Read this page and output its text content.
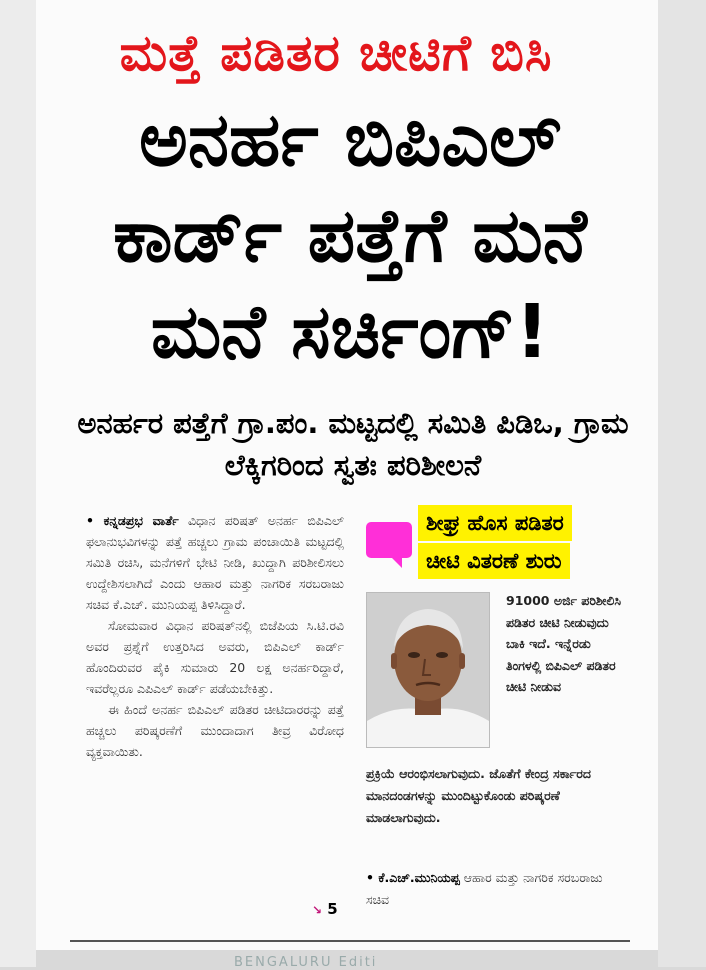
ಮತ್ತೆ ಪಡಿತರ ಚೀಟಿಗೆ ಬಿಸಿ
ಅನರ್ಹ ಬಿಪಿಎಲ್ ಕಾರ್ಡ್ ಪತ್ತೆಗೆ ಮನೆ ಮನೆ ಸರ್ಚಿಂಗ್!
ಅನರ್ಹರ ಪತ್ತೆಗೆ ಗ್ರಾ.ಪಂ. ಮಟ್ಟದಲ್ಲಿ ಸಮಿತಿ ಪಿಡಿಒ, ಗ್ರಾಮ ಲೆಕ್ಕಿಗರಿಂದ ಸ್ವತಃ ಪರಿಶೀಲನೆ

• ಕನ್ನಡಪ್ರಭ ವಾರ್ತೆ ವಿಧಾನ ಪರಿಷತ್ ಅನರ್ಹ ಬಿಪಿಎಲ್ ಫಲಾನುಭವಿಗಳನ್ನು ಪತ್ತೆ ಹಚ್ಚಲು ಗ್ರಾಮ ಪಂಚಾಯಿತಿ ಮಟ್ಟದಲ್ಲಿ ಸಮಿತಿ ರಚಿಸಿ, ಮನೆಗಳಿಗೆ ಭೇಟಿ ನೀಡಿ, ಖುದ್ದಾಗಿ ಪರಿಶೀಲಿಸಲು ಉದ್ದೇಶಿಸಲಾಗಿದೆ ಎಂದು ಆಹಾರ ಮತ್ತು ನಾಗರಿಕ ಸರಬರಾಜು ಸಚಿವ ಕೆ.ಎಚ್. ಮುನಿಯಪ್ಪ ತಿಳಿಸಿದ್ದಾರೆ.

ಸೋಮವಾರ ವಿಧಾನ ಪರಿಷತ್‌ನಲ್ಲಿ ಬಿಜೆಪಿಯ ಸಿ.ಟಿ.ರವಿ ಅವರ ಪ್ರಶ್ನೆಗೆ ಉತ್ತರಿಸಿದ ಅವರು, ಬಿಪಿಎಲ್ ಕಾರ್ಡ್ ಹೊಂದಿರುವರ ಪೈಕಿ ಸುಮಾರು 20 ಲಕ್ಷ ಅನರ್ಹರಿದ್ದಾರೆ, ಇವರೆಲ್ಲರೂ ಎಪಿಎಲ್ ಕಾರ್ಡ್ ಪಡೆಯಬೇಕಿತ್ತು.

ಈ ಹಿಂದೆ ಅನರ್ಹ ಬಿಪಿಎಲ್ ಪಡಿತರ ಚೀಟಿದಾರರನ್ನು ಪತ್ತೆ ಹಚ್ಚಲು ಪರಿಷ್ಕರಣೆಗೆ ಮುಂದಾದಾಗ ತೀವ್ರ ವಿರೋಧ ವ್ಯಕ್ತವಾಯಿತು.

↘ 5
ಶೀಘ್ರ ಹೊಸ ಪಡಿತರ
ಚೀಟಿ ವಿತರಣೆ ಶುರು

91000 ಅರ್ಜಿ ಪರಿಶೀಲಿಸಿ ಪಡಿತರ ಚೀಟಿ ನೀಡುವುದು ಬಾಕಿ ಇದೆ. ಇನ್ನೆರಡು ತಿಂಗಳಲ್ಲಿ ಬಿಪಿಎಲ್ ಪಡಿತರ ಚೀಟಿ ನೀಡುವ

ಪ್ರಕ್ರಿಯೆ ಆರಂಭಿಸಲಾಗುವುದು. ಜೊತೆಗೆ ಕೇಂದ್ರ ಸರ್ಕಾರದ ಮಾನದಂಡಗಳನ್ನು ಮುಂದಿಟ್ಟುಕೊಂಡು ಪರಿಷ್ಕರಣೆ ಮಾಡಲಾಗುವುದು.

• ಕೆ.ಎಚ್.ಮುನಿಯಪ್ಪ ಆಹಾರ ಮತ್ತು ನಾಗರಿಕ ಸರಬರಾಜು ಸಚಿವ
BENGALURU Editi
